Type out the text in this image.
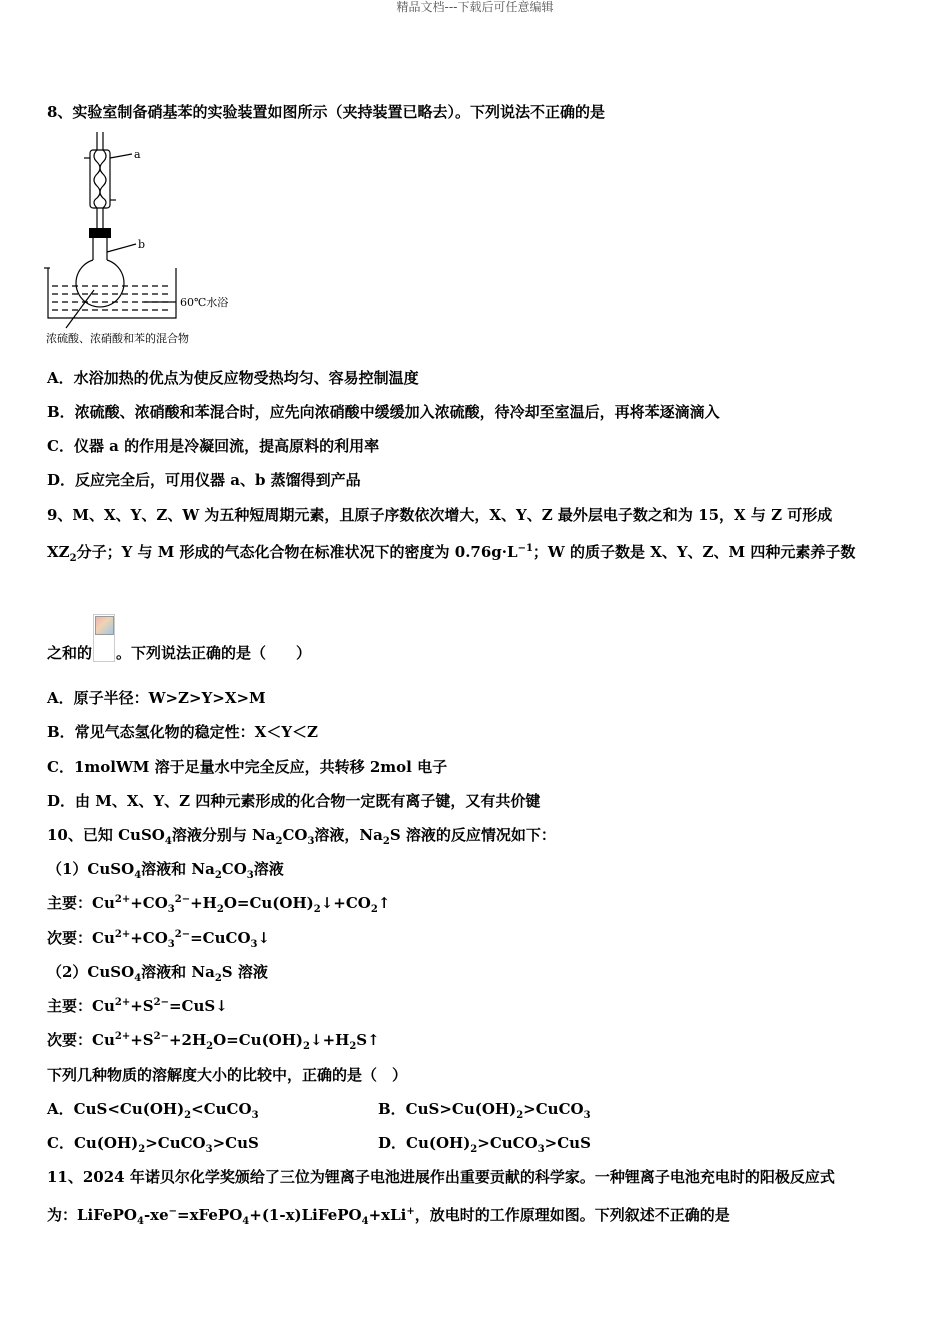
精品文档---下载后可任意编辑
8、实验室制备硝基苯的实验装置如图所示（夹持装置已略去）。下列说法不正确的是
a
b
60℃水浴
浓硫酸、浓硝酸和苯的混合物
A．水浴加热的优点为使反应物受热均匀、容易控制温度
B．浓硫酸、浓硝酸和苯混合时，应先向浓硝酸中缓缓加入浓硫酸，待冷却至室温后，再将苯逐滴滴入
C．仪器 a 的作用是冷凝回流，提高原料的利用率
D．反应完全后，可用仪器 a、b 蒸馏得到产品
9、M、X、Y、Z、W 为五种短周期元素，且原子序数依次增大，X、Y、Z 最外层电子数之和为 15，X 与 Z 可形成
$XZ_2$分子；Y 与 M 形成的气态化合物在标准状况下的密度为 $0.76g\cdot L^{-1}$；W 的质子数是 X、Y、Z、M 四种元素养子数
之和的 。下列说法正确的是（　　）
A．原子半径：W>Z>Y>X>M
B．常见气态氢化物的稳定性：X＜Y＜Z
C．1molWM 溶于足量水中完全反应，共转移 2mol 电子
D．由 M、X、Y、Z 四种元素形成的化合物一定既有离子键，又有共价键
10、已知 CuSO$_4$溶液分别与 $Na_2CO_3$溶液，$Na_2S$ 溶液的反应情况如下：
（1）CuSO$_4$溶液和 $Na_2CO_3$溶液
主要：$Cu^{2+}+CO_3^{2-}+H_2O=Cu(OH)_2↓+CO_2↑$
次要：$Cu^{2+}+CO_3^{2-}=CuCO_3↓$
（2）CuSO$_4$溶液和 $Na_2S$ 溶液
主要：$Cu^{2+}+S^{2-}=CuS↓$
次要：$Cu^{2+}+S^{2-}+2H_2O=Cu(OH)_2↓+H_2S↑$
下列几种物质的溶解度大小的比较中，正确的是（　）
A．$CuS<Cu(OH)_2<CuCO_3$	B．$CuS>Cu(OH)_2>CuCO_3$
C．$Cu(OH)_2>CuCO_3>CuS$	D．$Cu(OH)_2>CuCO_3>CuS$
11、2024 年诺贝尔化学奖颁给了三位为锂离子电池进展作出重要贡献的科学家。一种锂离子电池充电时的阳极反应式
为：LiFePO$_4$-xe−=xFePO$_4$+(1-x)LiFePO$_4$+xLi+，放电时的工作原理如图。下列叙述不正确的是
